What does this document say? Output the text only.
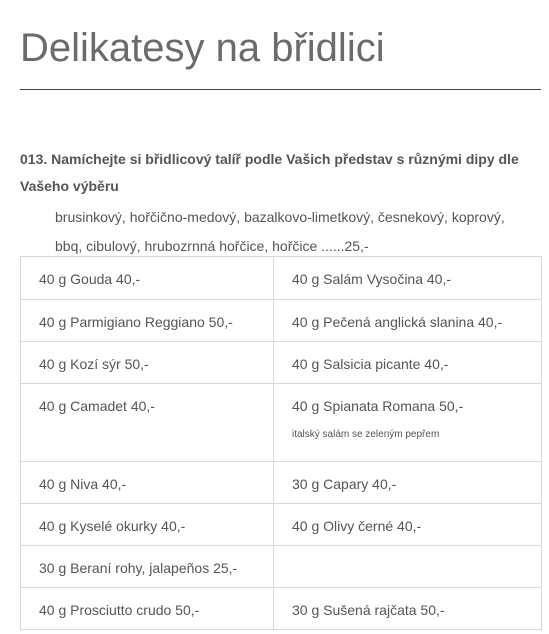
Delikatesy na břidlici

013. Namíchejte si břidlicový talíř podle Vašich představ s různými dipy dle Vašeho výběru

brusinkový, hořčično-medový, bazalkovo-limetkový, česnekový, koprový, bbq, cibulový, hrubozrnná hořčice, hořčice ......25,-

40 g Gouda 40,-	40 g Salám Vysočina 40,-

40 g Parmigiano Reggiano 50,-	40 g Pečená anglická slanina 40,-

40 g Kozí sýr 50,-	40 g Salsicia picante 40,-

40 g Camadet 40,-	40 g Spianata Romana 50,-
italský salám se zeleným pepřem

40 g Niva 40,-	30 g Capary 40,-

40 g Kyselé okurky 40,-	40 g Olivy černé 40,-

30 g Beraní rohy, jalapeños 25,-	

40 g Prosciutto crudo 50,-	30 g Sušená rajčata 50,-
